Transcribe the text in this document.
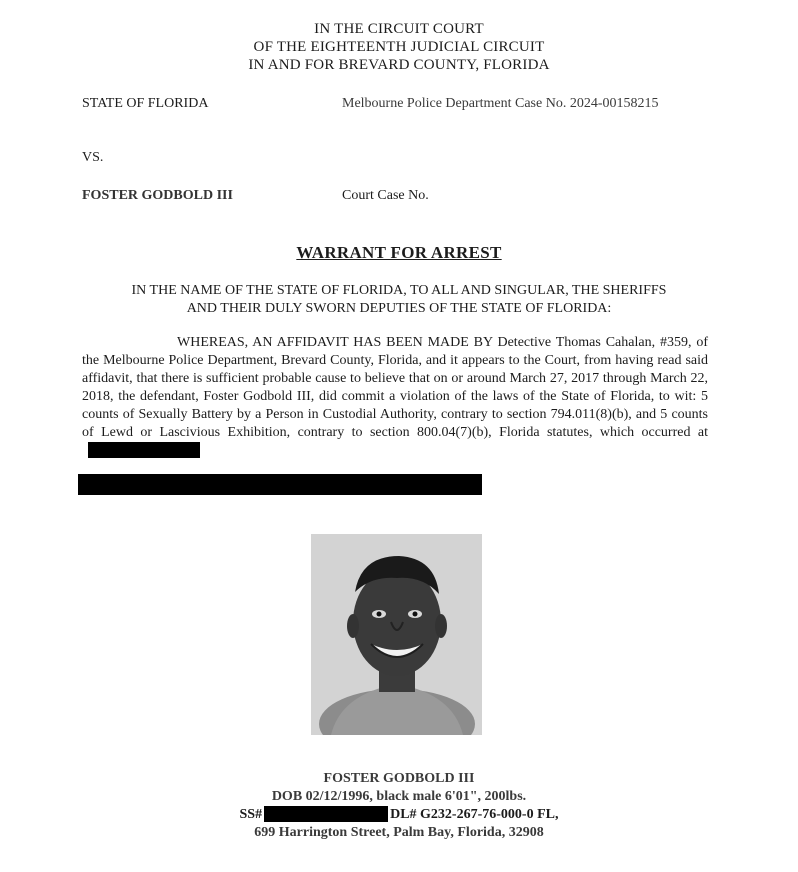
IN THE CIRCUIT COURT
OF THE EIGHTEENTH JUDICIAL CIRCUIT
IN AND FOR BREVARD COUNTY, FLORIDA
STATE OF FLORIDA	Melbourne Police Department Case No. 2024-00158215
VS.
FOSTER GODBOLD III	Court Case No.
WARRANT FOR ARREST
IN THE NAME OF THE STATE OF FLORIDA, TO ALL AND SINGULAR, THE SHERIFFS
AND THEIR DULY SWORN DEPUTIES OF THE STATE OF FLORIDA:
WHEREAS, AN AFFIDAVIT HAS BEEN MADE BY Detective Thomas Cahalan, #359, of the Melbourne Police Department, Brevard County, Florida, and it appears to the Court, from having read said affidavit, that there is sufficient probable cause to believe that on or around March 27, 2017 through March 22, 2018, the defendant, Foster Godbold III, did commit a violation of the laws of the State of Florida, to wit: 5 counts of Sexually Battery by a Person in Custodial Authority, contrary to section 794.011(8)(b), and 5 counts of Lewd or Lascivious Exhibition, contrary to section 800.04(7)(b), Florida statutes, which occurred at
FOSTER GODBOLD III
DOB 02/12/1996, black male 6'01", 200lbs.
SS#	DL# G232-267-76-000-0 FL,
699 Harrington Street, Palm Bay, Florida, 32908
